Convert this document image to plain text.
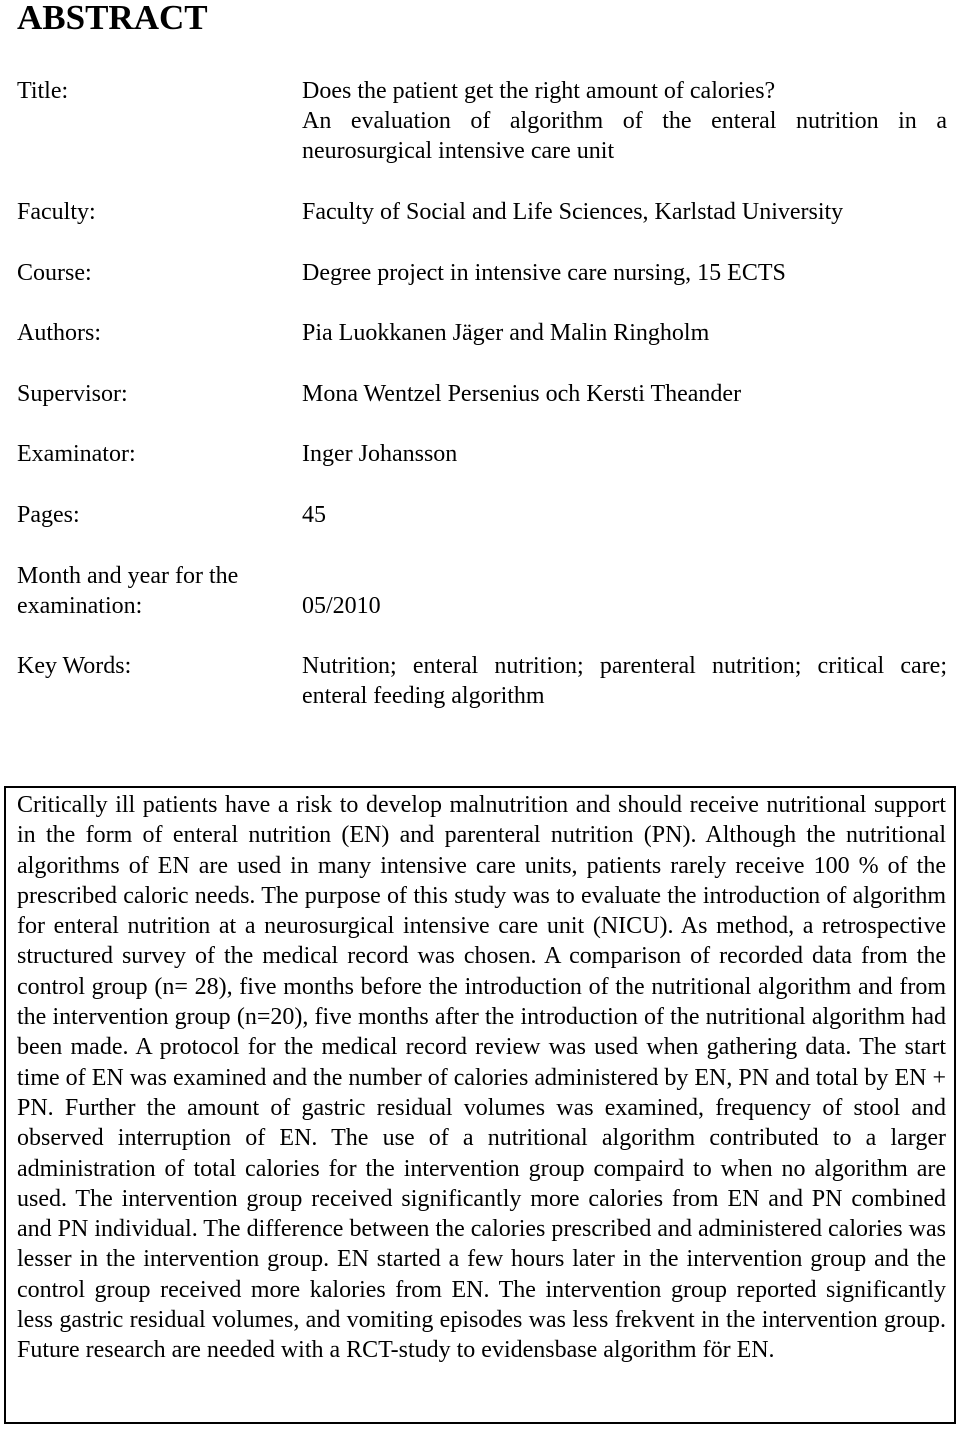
ABSTRACT
Title:	Does the patient get the right amount of calories?
An evaluation of algorithm of the enteral nutrition in a neurosurgical intensive care unit
Faculty:	Faculty of Social and Life Sciences, Karlstad University
Course:	Degree project in intensive care nursing, 15 ECTS
Authors:	Pia Luokkanen Jäger and Malin Ringholm
Supervisor:	Mona Wentzel Persenius och Kersti Theander
Examinator:	Inger Johansson
Pages:	45
Month and year for the
examination:	05/2010
Key Words:	Nutrition; enteral nutrition; parenteral nutrition; critical care; enteral feeding algorithm

Critically ill patients have a risk to develop malnutrition and should receive nutritional support in the form of enteral nutrition (EN) and parenteral nutrition (PN). Although the nutritional algorithms of EN are used in many intensive care units, patients rarely receive 100 % of the prescribed caloric needs. The purpose of this study was to evaluate the introduction of algorithm for enteral nutrition at a neurosurgical intensive care unit (NICU). As method, a retrospective structured survey of the medical record was chosen. A comparison of recorded data from the control group (n= 28), five months before the introduction of the nutritional algorithm and from the intervention group (n=20), five months after the introduction of the nutritional algorithm had been made. A protocol for the medical record review was used when gathering data. The start time of EN was examined and the number of calories administered by EN, PN and total by EN + PN. Further the amount of gastric residual volumes was examined, frequency of stool and observed interruption of EN. The use of a nutritional algorithm contributed to a larger administration of total calories for the intervention group compaird to when no algorithm are used. The intervention group received significantly more calories from EN and PN combined and PN individual. The difference between the calories prescribed and administered calories was lesser in the intervention group. EN started a few hours later in the intervention group and the control group received more kalories from EN. The intervention group reported significantly less gastric residual volumes, and vomiting episodes was less frekvent in the intervention group. Future research are needed with a RCT-study to evidensbase algorithm för EN.
